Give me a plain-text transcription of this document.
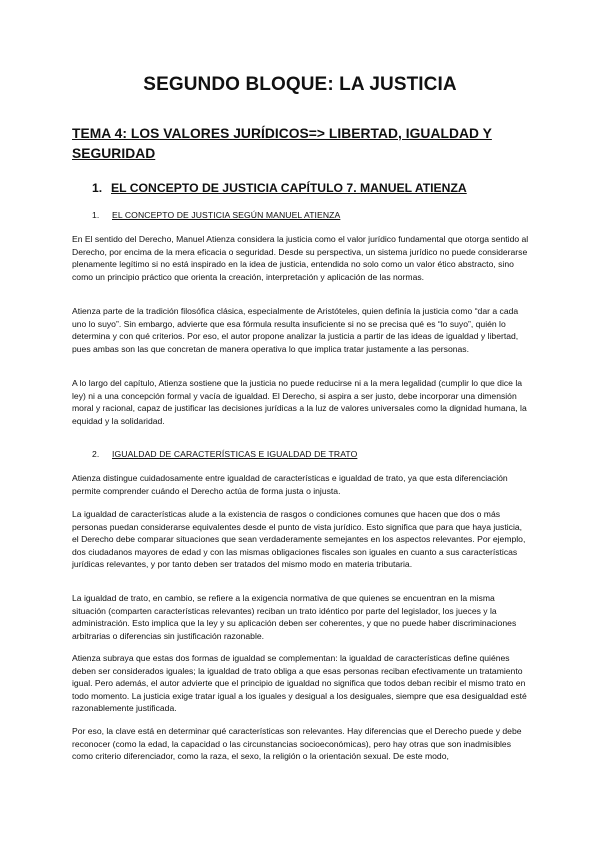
SEGUNDO BLOQUE: LA JUSTICIA
TEMA 4: LOS VALORES JURÍDICOS=> LIBERTAD, IGUALDAD Y SEGURIDAD
1. EL CONCEPTO DE JUSTICIA CAPÍTULO 7. MANUEL ATIENZA
1. EL CONCEPTO DE JUSTICIA SEGÚN MANUEL ATIENZA

En El sentido del Derecho, Manuel Atienza considera la justicia como el valor jurídico fundamental que otorga sentido al Derecho, por encima de la mera eficacia o seguridad. Desde su perspectiva, un sistema jurídico no puede considerarse plenamente legítimo si no está inspirado en la idea de justicia, entendida no solo como un valor ético abstracto, sino como un principio práctico que orienta la creación, interpretación y aplicación de las normas.

Atienza parte de la tradición filosófica clásica, especialmente de Aristóteles, quien definía la justicia como “dar a cada uno lo suyo”. Sin embargo, advierte que esa fórmula resulta insuficiente si no se precisa qué es “lo suyo”, quién lo determina y con qué criterios. Por eso, el autor propone analizar la justicia a partir de las ideas de igualdad y libertad, pues ambas son las que concretan de manera operativa lo que implica tratar justamente a las personas.

A lo largo del capítulo, Atienza sostiene que la justicia no puede reducirse ni a la mera legalidad (cumplir lo que dice la ley) ni a una concepción formal y vacía de igualdad. El Derecho, si aspira a ser justo, debe incorporar una dimensión moral y racional, capaz de justificar las decisiones jurídicas a la luz de valores universales como la dignidad humana, la equidad y la solidaridad.

2. IGUALDAD DE CARACTERÍSTICAS E IGUALDAD DE TRATO

Atienza distingue cuidadosamente entre igualdad de características e igualdad de trato, ya que esta diferenciación permite comprender cuándo el Derecho actúa de forma justa o injusta.

La igualdad de características alude a la existencia de rasgos o condiciones comunes que hacen que dos o más personas puedan considerarse equivalentes desde el punto de vista jurídico. Esto significa que para que haya justicia, el Derecho debe comparar situaciones que sean verdaderamente semejantes en los aspectos relevantes. Por ejemplo, dos ciudadanos mayores de edad y con las mismas obligaciones fiscales son iguales en cuanto a sus características jurídicas relevantes, y por tanto deben ser tratados del mismo modo en materia tributaria.

La igualdad de trato, en cambio, se refiere a la exigencia normativa de que quienes se encuentran en la misma situación (comparten características relevantes) reciban un trato idéntico por parte del legislador, los jueces y la administración. Esto implica que la ley y su aplicación deben ser coherentes, y que no puede haber discriminaciones arbitrarias o diferencias sin justificación razonable.

Atienza subraya que estas dos formas de igualdad se complementan: la igualdad de características define quiénes deben ser considerados iguales; la igualdad de trato obliga a que esas personas reciban efectivamente un tratamiento igual. Pero además, el autor advierte que el principio de igualdad no significa que todos deban recibir el mismo trato en todo momento. La justicia exige tratar igual a los iguales y desigual a los desiguales, siempre que esa desigualdad esté razonablemente justificada.

Por eso, la clave está en determinar qué características son relevantes. Hay diferencias que el Derecho puede y debe reconocer (como la edad, la capacidad o las circunstancias socioeconómicas), pero hay otras que son inadmisibles como criterio diferenciador, como la raza, el sexo, la religión o la orientación sexual. De este modo,
